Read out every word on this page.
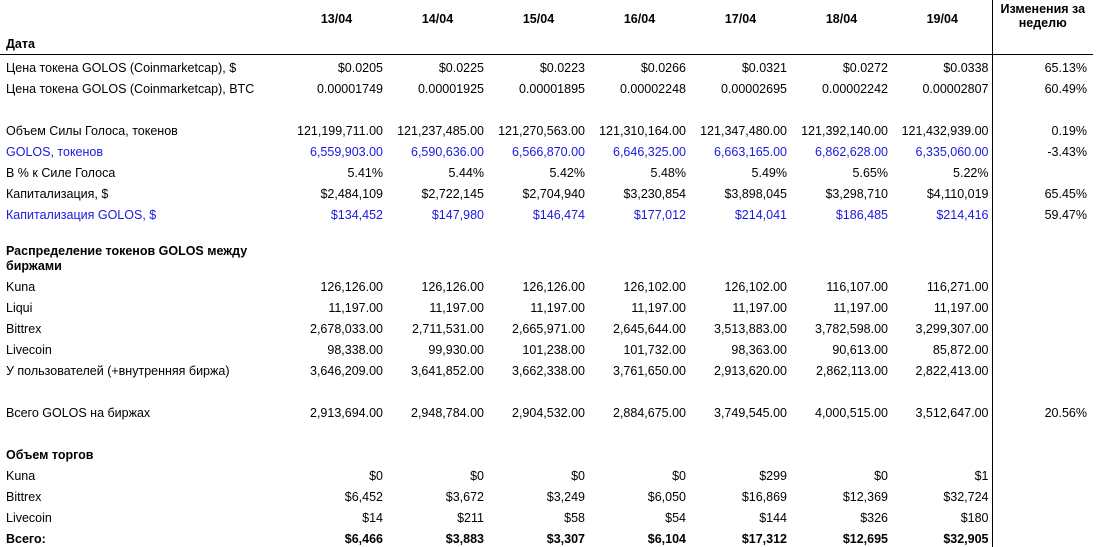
Дата	13/04	14/04	15/04	16/04	17/04	18/04	19/04	Изменения за неделю
Цена токена GOLOS (Coinmarketcap), $	$0.0205	$0.0225	$0.0223	$0.0266	$0.0321	$0.0272	$0.0338	65.13%
Цена токена GOLOS (Coinmarketcap), BTC	0.00001749	0.00001925	0.00001895	0.00002248	0.00002695	0.00002242	0.00002807	60.49%

Объем Силы Голоса, токенов	121,199,711.00	121,237,485.00	121,270,563.00	121,310,164.00	121,347,480.00	121,392,140.00	121,432,939.00	0.19%
GOLOS, токенов	6,559,903.00	6,590,636.00	6,566,870.00	6,646,325.00	6,663,165.00	6,862,628.00	6,335,060.00	-3.43%
В % к Силе Голоса	5.41%	5.44%	5.42%	5.48%	5.49%	5.65%	5.22%	
Капитализация, $	$2,484,109	$2,722,145	$2,704,940	$3,230,854	$3,898,045	$3,298,710	$4,110,019	65.45%
Капитализация GOLOS, $	$134,452	$147,980	$146,474	$177,012	$214,041	$186,485	$214,416	59.47%

Распределение токенов GOLOS между биржами								
Kuna	126,126.00	126,126.00	126,126.00	126,102.00	126,102.00	116,107.00	116,271.00	
Liqui	11,197.00	11,197.00	11,197.00	11,197.00	11,197.00	11,197.00	11,197.00	
Bittrex	2,678,033.00	2,711,531.00	2,665,971.00	2,645,644.00	3,513,883.00	3,782,598.00	3,299,307.00	
Livecoin	98,338.00	99,930.00	101,238.00	101,732.00	98,363.00	90,613.00	85,872.00	
У пользователей (+внутренняя биржа)	3,646,209.00	3,641,852.00	3,662,338.00	3,761,650.00	2,913,620.00	2,862,113.00	2,822,413.00	

Всего GOLOS на биржах	2,913,694.00	2,948,784.00	2,904,532.00	2,884,675.00	3,749,545.00	4,000,515.00	3,512,647.00	20.56%

Объем торгов								
Kuna	$0	$0	$0	$0	$299	$0	$1	
Bittrex	$6,452	$3,672	$3,249	$6,050	$16,869	$12,369	$32,724	
Livecoin	$14	$211	$58	$54	$144	$326	$180	
Всего:	$6,466	$3,883	$3,307	$6,104	$17,312	$12,695	$32,905	
